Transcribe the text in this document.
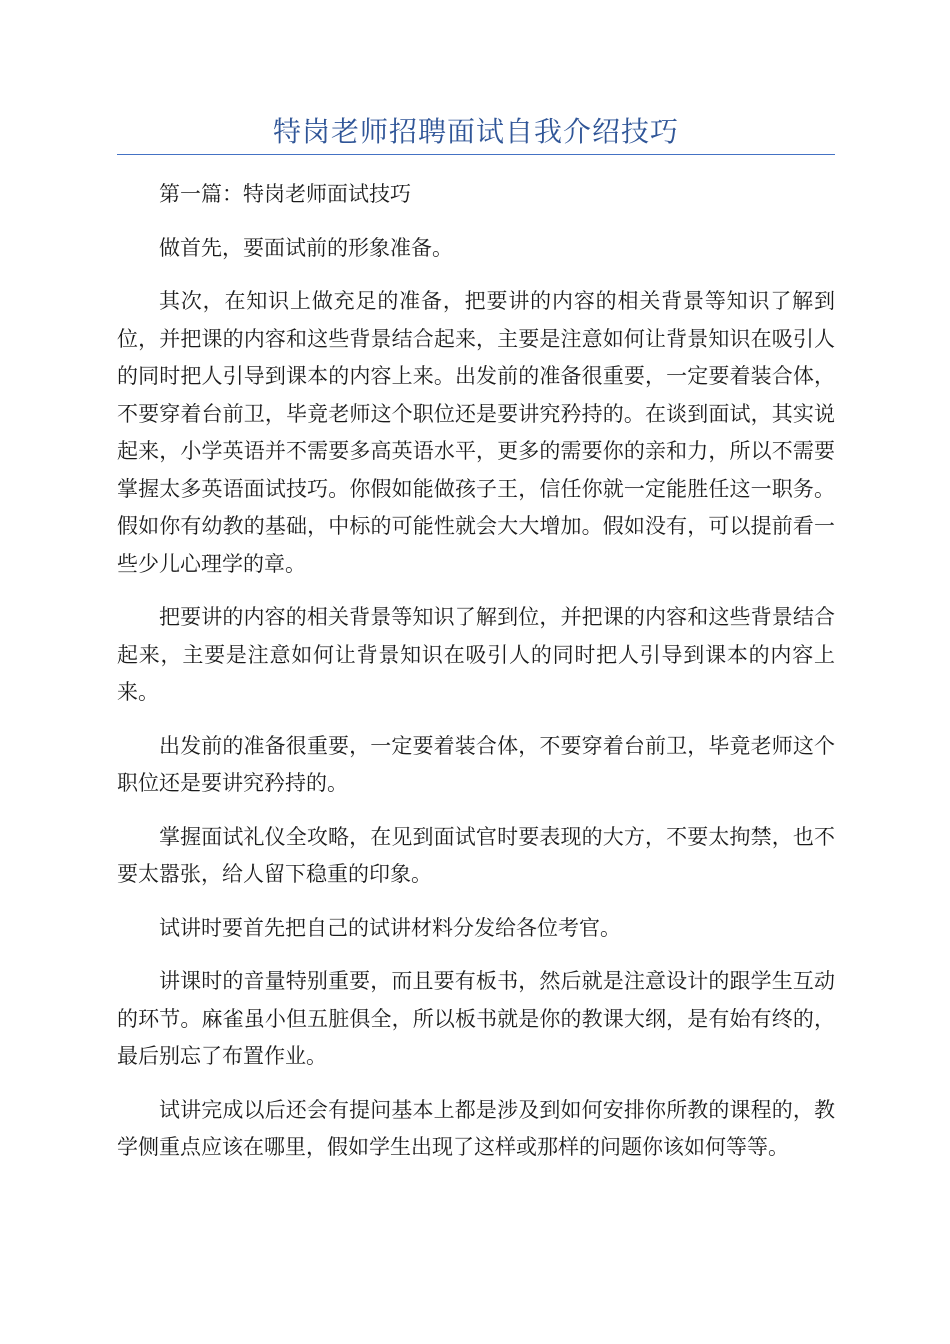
特岗老师招聘面试自我介绍技巧

第一篇：特岗老师面试技巧

做首先，要面试前的形象准备。

其次，在知识上做充足的准备，把要讲的内容的相关背景等知识了解到位，并把课的内容和这些背景结合起来，主要是注意如何让背景知识在吸引人的同时把人引导到课本的内容上来。出发前的准备很重要，一定要着装合体，不要穿着台前卫，毕竟老师这个职位还是要讲究矜持的。在谈到面试，其实说起来，小学英语并不需要多高英语水平，更多的需要你的亲和力，所以不需要掌握太多英语面试技巧。你假如能做孩子王，信任你就一定能胜任这一职务。假如你有幼教的基础，中标的可能性就会大大增加。假如没有，可以提前看一些少儿心理学的章。

把要讲的内容的相关背景等知识了解到位，并把课的内容和这些背景结合起来，主要是注意如何让背景知识在吸引人的同时把人引导到课本的内容上来。

出发前的准备很重要，一定要着装合体，不要穿着台前卫，毕竟老师这个职位还是要讲究矜持的。

掌握面试礼仪全攻略，在见到面试官时要表现的大方，不要太拘禁，也不要太嚣张，给人留下稳重的印象。

试讲时要首先把自己的试讲材料分发给各位考官。

讲课时的音量特别重要，而且要有板书，然后就是注意设计的跟学生互动的环节。麻雀虽小但五脏俱全，所以板书就是你的教课大纲，是有始有终的，最后别忘了布置作业。

试讲完成以后还会有提问基本上都是涉及到如何安排你所教的课程的，教学侧重点应该在哪里，假如学生出现了这样或那样的问题你该如何等等。
